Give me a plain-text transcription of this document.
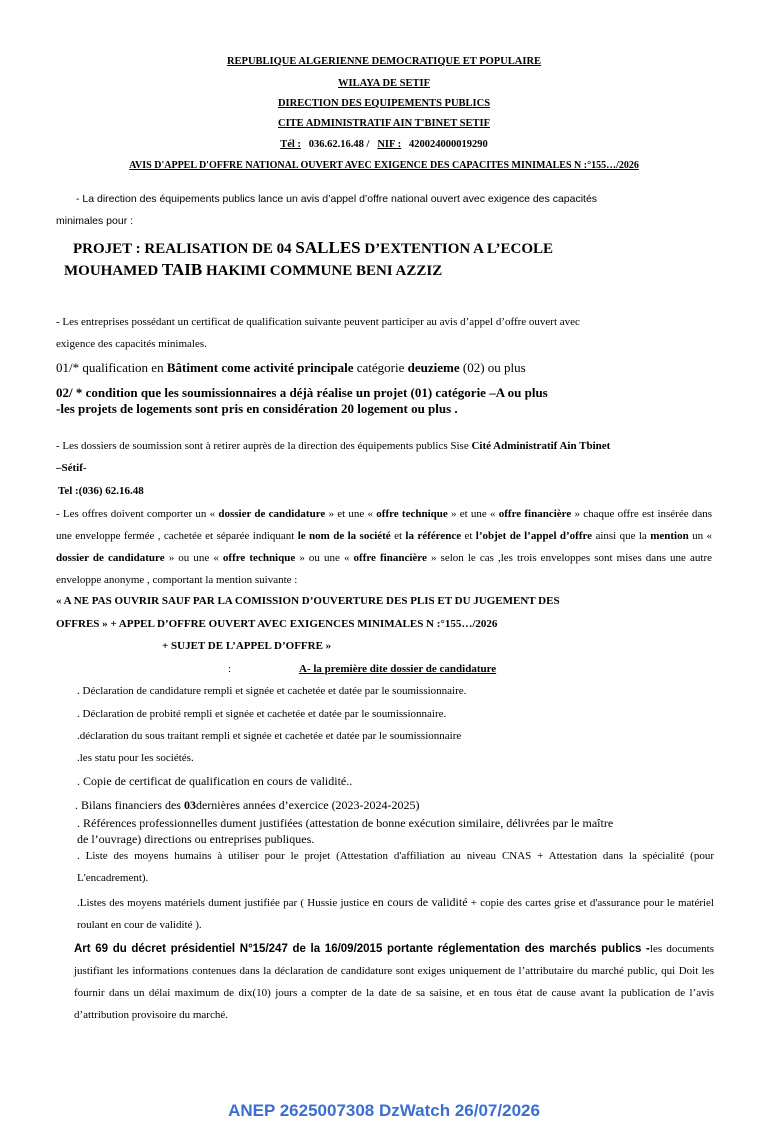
REPUBLIQUE ALGERIENNE DEMOCRATIQUE ET POPULAIRE
WILAYA DE SETIF
DIRECTION DES EQUIPEMENTS PUBLICS
CITE ADMINISTRATIF AIN T'BINET SETIF
Tél : 036.62.16.48 / NIF : 420024000019290
AVIS D'APPEL D'OFFRE NATIONAL OUVERT AVEC EXIGENCE DES CAPACITES MINIMALES N :°155…/2026
- La direction des équipements publics lance un avis d’appel d’offre national ouvert avec exigence des capacités
minimales pour :
PROJET : REALISATION DE 04 SALLES D’EXTENTION A L’ECOLE
MOUHAMED TAIB HAKIMI COMMUNE BENI AZZIZ
- Les entreprises possédant un certificat de qualification suivante peuvent participer au avis d’appel d’offre ouvert avec
exigence des capacités minimales.
01/* qualification en Bâtiment come activité principale catégorie deuzieme (02) ou plus
02/ * condition que les soumissionnaires a déjà réalise un projet (01) catégorie –A ou plus
-les projets de logements sont pris en considération 20 logement ou plus .
- Les dossiers de soumission sont à retirer auprès de la direction des équipements publics Sise Cité Administratif Ain Tbinet
–Sétif-
Tel :(036) 62.16.48
- Les offres doivent comporter un « dossier de candidature » et une « offre technique » et une « offre financière » chaque offre est insérée dans une enveloppe fermée , cachetée et séparée indiquant le nom de la société et la référence et l’objet de l’appel d’offre ainsi que la mention un « dossier de candidature » ou une « offre technique » ou une « offre financière » selon le cas ,les trois enveloppes sont mises dans une autre enveloppe anonyme , comportant la mention suivante :
« A NE PAS OUVRIR SAUF PAR LA COMISSION D’OUVERTURE DES PLIS ET DU JUGEMENT DES
OFFRES » + APPEL D’OFFRE OUVERT AVEC EXIGENCES MINIMALES N :°155…/2026
+ SUJET DE L’APPEL D’OFFRE »
:	A- la première dite dossier de candidature
. Déclaration de candidature rempli et signée et cachetée et datée par le soumissionnaire.
. Déclaration de probité rempli et signée et cachetée et datée par le soumissionnaire.
.déclaration du sous traitant rempli et signée et cachetée et datée par le soumissionnaire
.les statu pour les sociétés.
. Copie de certificat de qualification en cours de validité..
. Bilans financiers des 03dernières années d’exercice (2023-2024-2025)
. Références professionnelles dument justifiées (attestation de bonne exécution similaire, délivrées par le maître
de l’ouvrage) directions ou entreprises publiques.
. Liste des moyens humains à utiliser pour le projet (Attestation d'affiliation au niveau CNAS + Attestation dans la spécialité (pour L'encadrement).
.Listes des moyens matériels dument justifiée par ( Hussie justice en cours de validité + copie des cartes grise et d'assurance pour le matériel roulant en cour de validité ).
Art 69 du décret présidentiel N°15/247 de la 16/09/2015 portante réglementation des marchés publics -les documents justifiant les informations contenues dans la déclaration de candidature sont exiges uniquement de l’attributaire du marché public, qui Doit les fournir dans un délai maximum de dix(10) jours a compter de la date de sa saisine, et en tous état de cause avant la publication de l’avis d’attribution provisoire du marché.
ANEP 2625007308 DzWatch 26/07/2026
